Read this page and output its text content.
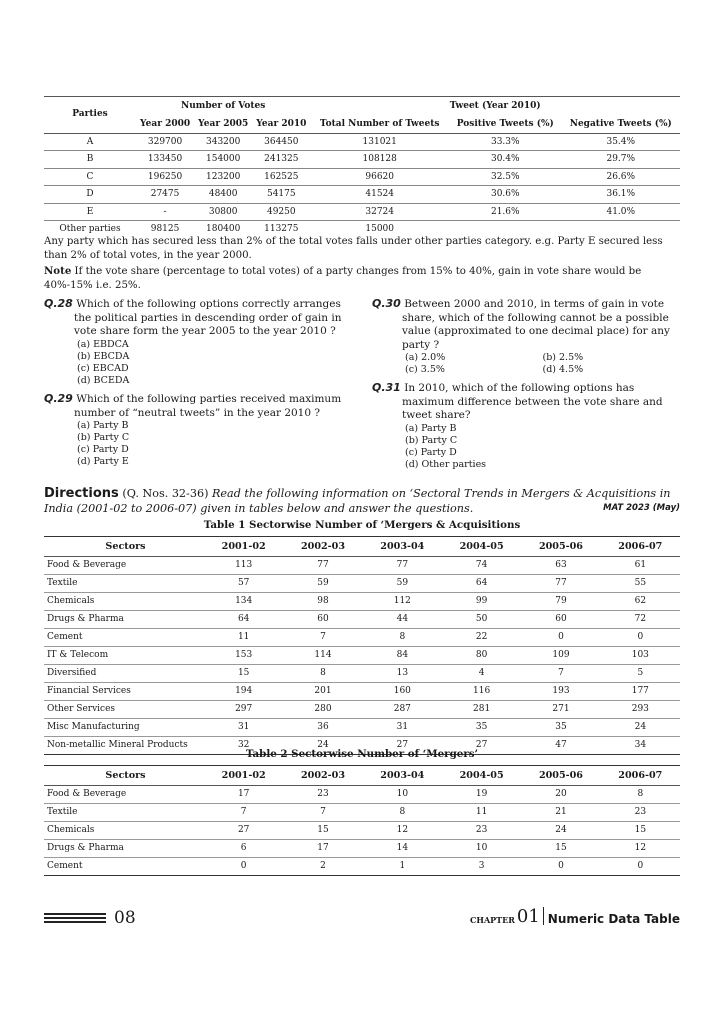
Parties	Number of Votes			Tweet (Year 2010)		
	Year 2000	Year 2005	Year 2010	Total Number of Tweets	Positive Tweets (%)	Negative Tweets (%)
A	329700	343200	364450	131021	33.3%	35.4%
B	133450	154000	241325	108128	30.4%	29.7%
C	196250	123200	162525	96620	32.5%	26.6%
D	27475	48400	54175	41524	30.6%	36.1%
E	-	30800	49250	32724	21.6%	41.0%
Other parties	98125	180400	113275	15000		
Any party which has secured less than 2% of the total votes falls under other parties category. e.g. Party E secured less than 2% of total votes, in the year 2000.
Note If the vote share (percentage to total votes) of a party changes from 15% to 40%, gain in vote share would be 40%-15% i.e. 25%.
Q.28 Which of the following options correctly arranges the political parties in descending order of gain in vote share form the year 2005 to the year 2010 ?
(a) EBDCA
(b) EBCDA
(c) EBCAD
(d) BCEDA
Q.29 Which of the following parties received maximum number of “neutral tweets” in the year 2010 ?
(a) Party B
(b) Party C
(c) Party D
(d) Party E
Q.30 Between 2000 and 2010, in terms of gain in vote share, which of the following cannot be a possible value (approximated to one decimal place) for any party ?
(a) 2.0%	(b) 2.5%
(c) 3.5%	(d) 4.5%
Q.31 In 2010, which of the following options has maximum difference between the vote share and tweet share?
(a) Party B
(b) Party C
(c) Party D
(d) Other parties
Directions (Q. Nos. 32-36) Read the following information on ‘Sectoral Trends in Mergers & Acquisitions in India (2001-02 to 2006-07) given in tables below and answer the questions.	MAT 2023 (May)
Table 1 Sectorwise Number of ‘Mergers & Acquisitions
Sectors	2001-02	2002-03	2003-04	2004-05	2005-06	2006-07
Food & Beverage	113	77	77	74	63	61
Textile	57	59	59	64	77	55
Chemicals	134	98	112	99	79	62
Drugs & Pharma	64	60	44	50	60	72
Cement	11	7	8	22	0	0
IT & Telecom	153	114	84	80	109	103
Diversified	15	8	13	4	7	5
Financial Services	194	201	160	116	193	177
Other Services	297	280	287	281	271	293
Misc Manufacturing	31	36	31	35	35	24
Non-metallic Mineral Products	32	24	27	27	47	34
Table 2 Sectorwise Number of ‘Mergers’
Sectors	2001-02	2002-03	2003-04	2004-05	2005-06	2006-07
Food & Beverage	17	23	10	19	20	8
Textile	7	7	8	11	21	23
Chemicals	27	15	12	23	24	15
Drugs & Pharma	6	17	14	10	15	12
Cement	0	2	1	3	0	0
08	CHAPTER 01 Numeric Data Table
